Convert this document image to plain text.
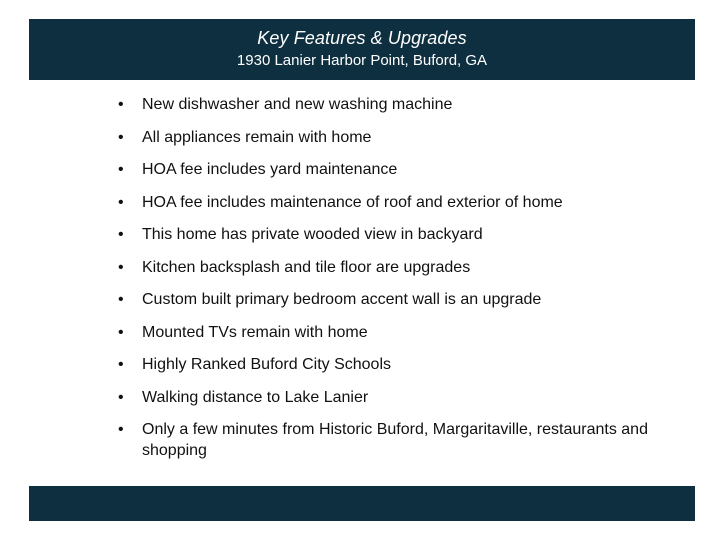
Key Features & Upgrades
1930 Lanier Harbor Point, Buford, GA
• New dishwasher and new washing machine
• All appliances remain with home
• HOA fee includes yard maintenance
• HOA fee includes maintenance of roof and exterior of home
• This home has private wooded view in backyard
• Kitchen backsplash and tile floor are upgrades
• Custom built primary bedroom accent wall is an upgrade
• Mounted TVs remain with home
• Highly Ranked Buford City Schools
• Walking distance to Lake Lanier
• Only a few minutes from Historic Buford, Margaritaville, restaurants and shopping
